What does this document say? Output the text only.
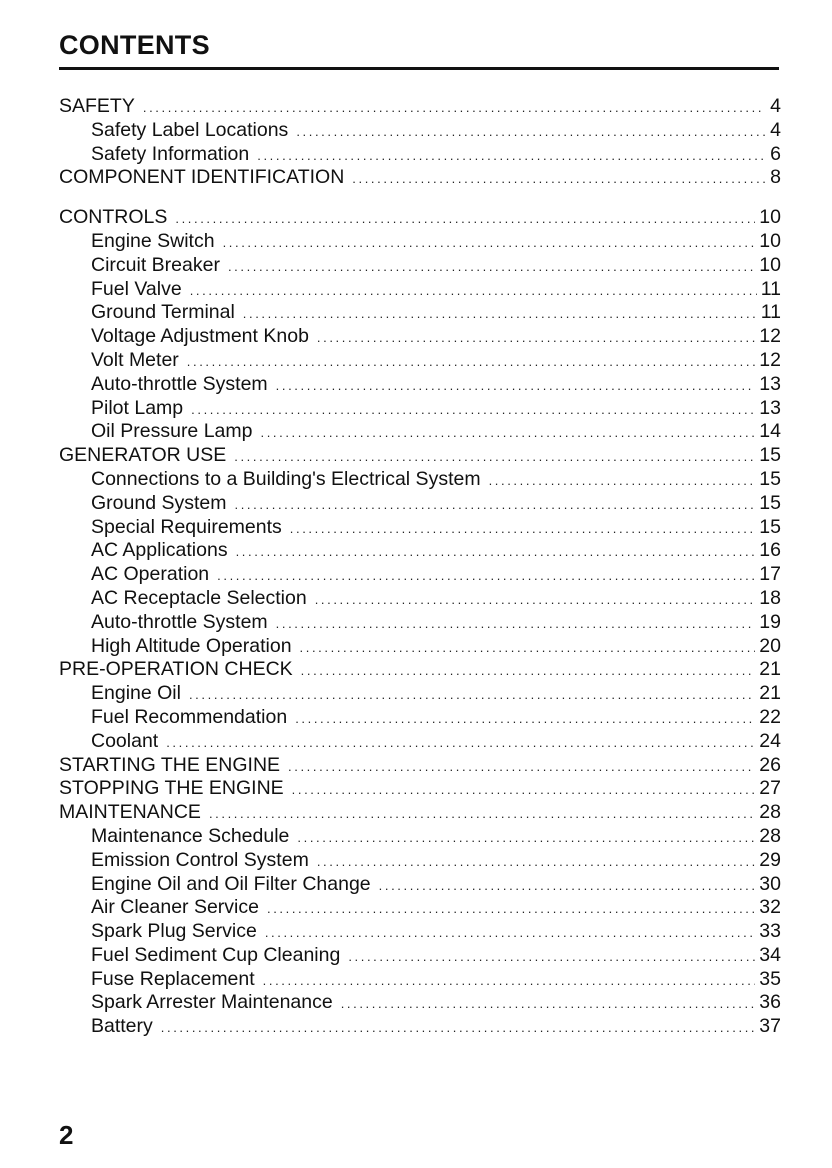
CONTENTS
SAFETY .....	4
Safety Label Locations .....	4
Safety Information .....	6
COMPONENT IDENTIFICATION .....	8
CONTROLS .....	10
Engine Switch .....	10
Circuit Breaker .....	10
Fuel Valve .....	11
Ground Terminal .....	11
Voltage Adjustment Knob .....	12
Volt Meter .....	12
Auto-throttle System .....	13
Pilot Lamp .....	13
Oil Pressure Lamp .....	14
GENERATOR USE .....	15
Connections to a Building's Electrical System .....	15
Ground System .....	15
Special Requirements .....	15
AC Applications .....	16
AC Operation .....	17
AC Receptacle Selection .....	18
Auto-throttle System .....	19
High Altitude Operation .....	20
PRE-OPERATION CHECK .....	21
Engine Oil .....	21
Fuel Recommendation .....	22
Coolant .....	24
STARTING THE ENGINE .....	26
STOPPING THE ENGINE .....	27
MAINTENANCE .....	28
Maintenance Schedule .....	28
Emission Control System .....	29
Engine Oil and Oil Filter Change .....	30
Air Cleaner Service .....	32
Spark Plug Service .....	33
Fuel Sediment Cup Cleaning .....	34
Fuse Replacement .....	35
Spark Arrester Maintenance .....	36
Battery .....	37
2
